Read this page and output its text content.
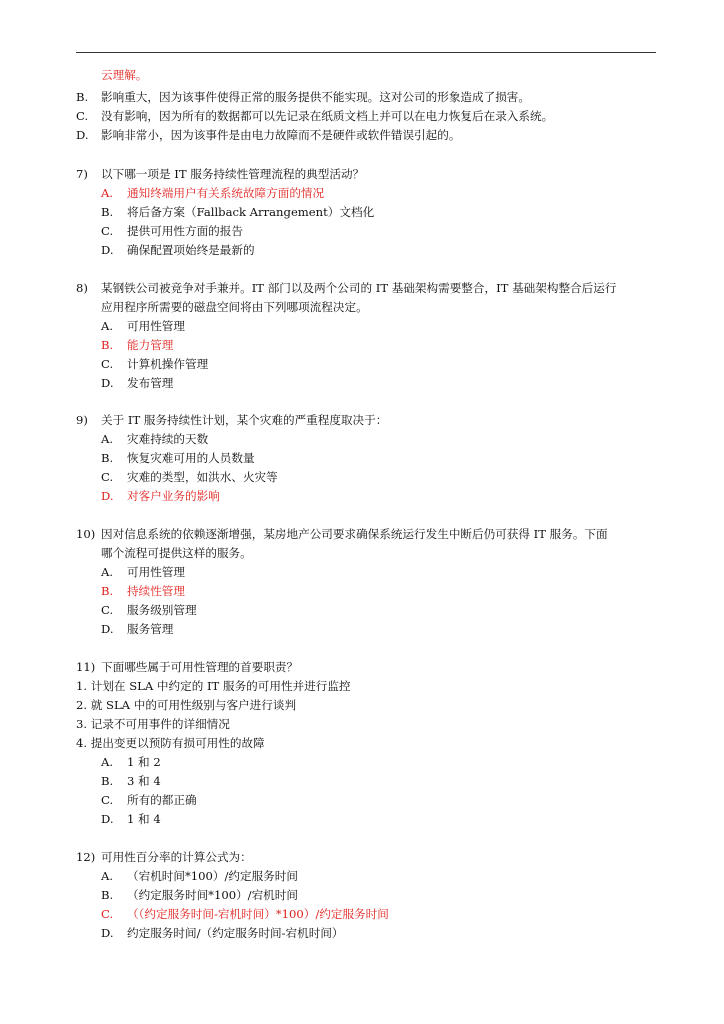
云理解。
B. 影响重大，因为该事件使得正常的服务提供不能实现。这对公司的形象造成了损害。
C. 没有影响，因为所有的数据都可以先记录在纸质文档上并可以在电力恢复后在录入系统。
D. 影响非常小，因为该事件是由电力故障而不是硬件或软件错误引起的。
7) 以下哪一项是 IT 服务持续性管理流程的典型活动？
A. 通知终端用户有关系统故障方面的情况
B. 将后备方案（Fallback Arrangement）文档化
C. 提供可用性方面的报告
D. 确保配置项始终是最新的
8) 某钢铁公司被竞争对手兼并。IT 部门以及两个公司的 IT 基础架构需要整合，IT 基础架构整合后运行
应用程序所需要的磁盘空间将由下列哪项流程决定。
A. 可用性管理
B. 能力管理
C. 计算机操作管理
D. 发布管理
9) 关于 IT 服务持续性计划，某个灾难的严重程度取决于：
A. 灾难持续的天数
B. 恢复灾难可用的人员数量
C. 灾难的类型，如洪水、火灾等
D. 对客户业务的影响
10) 因对信息系统的依赖逐渐增强，某房地产公司要求确保系统运行发生中断后仍可获得 IT 服务。下面
哪个流程可提供这样的服务。
A. 可用性管理
B. 持续性管理
C. 服务级别管理
D. 服务管理
11) 下面哪些属于可用性管理的首要职责？
1. 计划在 SLA 中约定的 IT 服务的可用性并进行监控
2. 就 SLA 中的可用性级别与客户进行谈判
3. 记录不可用事件的详细情况
4. 提出变更以预防有损可用性的故障
A. 1 和 2
B. 3 和 4
C. 所有的都正确
D. 1 和 4
12) 可用性百分率的计算公式为：
A. （宕机时间*100）/约定服务时间
B. （约定服务时间*100）/宕机时间
C. （（约定服务时间-宕机时间）*100）/约定服务时间
D. 约定服务时间/（约定服务时间-宕机时间）
